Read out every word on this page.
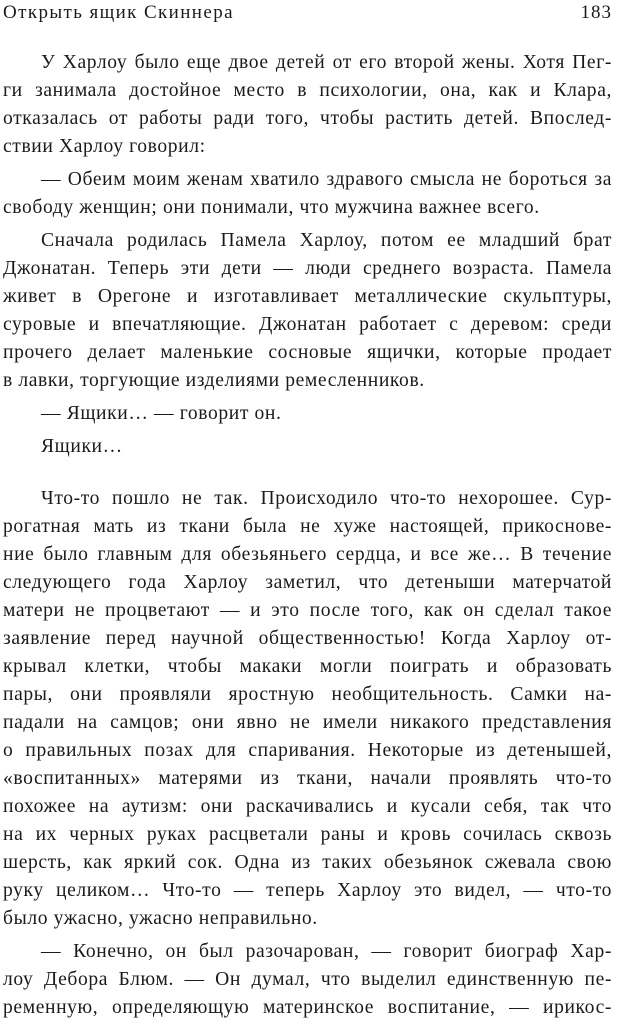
Открыть ящик Скиннера	183
У Харлоу было еще двое детей от его второй жены. Хотя Пег-
ги занимала достойное место в психологии, она, как и Клара,
отказалась от работы ради того, чтобы растить детей. Впослед-
ствии Харлоу говорил:
— Обеим моим женам хватило здравого смысла не бороться за
свободу женщин; они понимали, что мужчина важнее всего.
Сначала родилась Памела Харлоу, потом ее младший брат
Джонатан. Теперь эти дети — люди среднего возраста. Памела
живет в Орегоне и изготавливает металлические скульптуры,
суровые и впечатляющие. Джонатан работает с деревом: среди
прочего делает маленькие сосновые ящички, которые продает
в лавки, торгующие изделиями ремесленников.
— Ящики… — говорит он.
Ящики…
Что-то пошло не так. Происходило что-то нехорошее. Сур-
рогатная мать из ткани была не хуже настоящей, прикоснове-
ние было главным для обезьяньего сердца, и все же… В течение
следующего года Харлоу заметил, что детеныши матерчатой
матери не процветают — и это после того, как он сделал такое
заявление перед научной общественностью! Когда Харлоу от-
крывал клетки, чтобы макаки могли поиграть и образовать
пары, они проявляли яростную необщительность. Самки на-
падали на самцов; они явно не имели никакого представления
о правильных позах для спаривания. Некоторые из детенышей,
«воспитанных» матерями из ткани, начали проявлять что-то
похожее на аутизм: они раскачивались и кусали себя, так что
на их черных руках расцветали раны и кровь сочилась сквозь
шерсть, как яркий сок. Одна из таких обезьянок сжевала свою
руку целиком… Что-то — теперь Харлоу это видел, — что-то
было ужасно, ужасно неправильно.
— Конечно, он был разочарован, — говорит биограф Хар-
лоу Дебора Блюм. — Он думал, что выделил единственную пе-
ременную, определяющую материнское воспитание, — ирикос-
